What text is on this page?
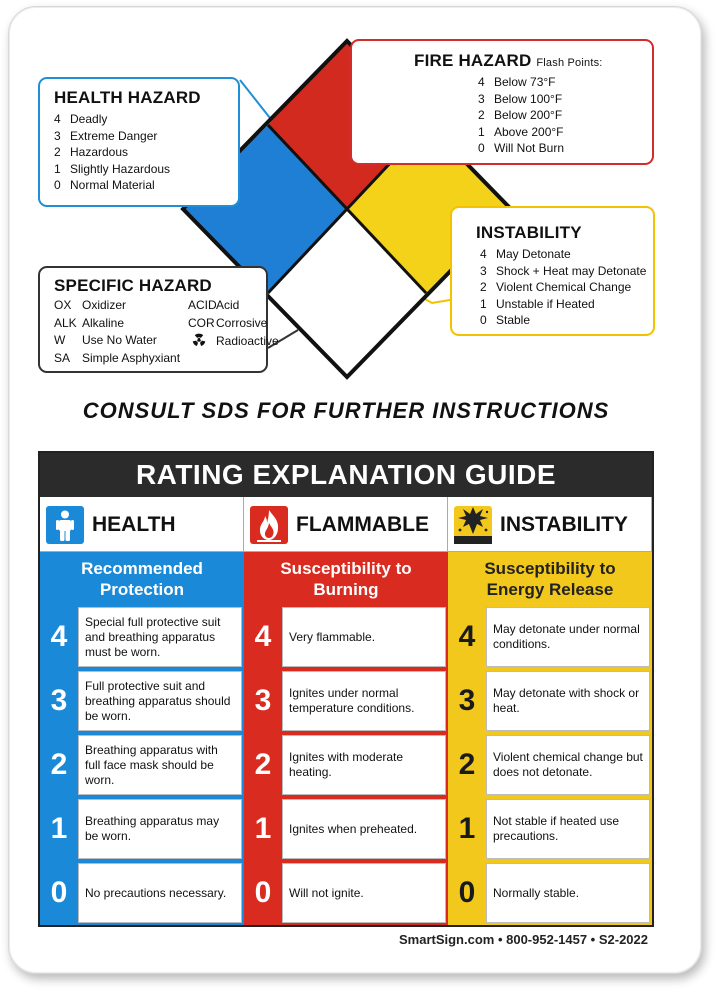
HEALTH HAZARD
4 Deadly
3 Extreme Danger
2 Hazardous
1 Slightly Hazardous
0 Normal Material
FIRE HAZARD Flash Points:
4 Below 73°F
3 Below 100°F
2 Below 200°F
1 Above 200°F
0 Will Not Burn
INSTABILITY
4 May Detonate
3 Shock + Heat may Detonate
2 Violent Chemical Change
1 Unstable if Heated
0 Stable
SPECIFIC HAZARD
OX Oxidizer
ALK Alkaline
W Use No Water
SA Simple Asphyxiant
ACIDAcid
CORCorrosive
Radioactive
CONSULT SDS FOR FURTHER INSTRUCTIONS
RATING EXPLANATION GUIDE
HEALTH
Recommended
Protection
4	Special full protective suit and breathing apparatus must be worn.
3	Full protective suit and breathing apparatus should be worn.
2	Breathing apparatus with full face mask should be worn.
1	Breathing apparatus may be worn.
0	No precautions necessary.
FLAMMABLE
Susceptibility to
Burning
4	Very flammable.
3	Ignites under normal temperature conditions.
2	Ignites with moderate heating.
1	Ignites when preheated.
0	Will not ignite.
INSTABILITY
Susceptibility to
Energy Release
4	May detonate under normal conditions.
3	May detonate with shock or heat.
2	Violent chemical change but does not detonate.
1	Not stable if heated use precautions.
0	Normally stable.
SmartSign.com • 800-952-1457 • S2-2022
